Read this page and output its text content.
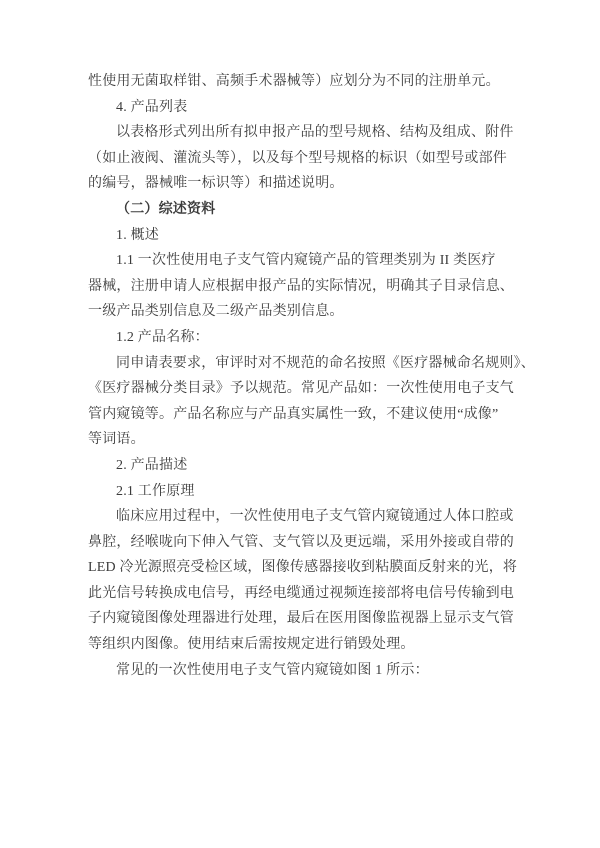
性使用无菌取样钳、高频手术器械等）应划分为不同的注册单元。
4. 产品列表
以表格形式列出所有拟申报产品的型号规格、结构及组成、附件
（如止液阀、灌流头等），以及每个型号规格的标识（如型号或部件
的编号，器械唯一标识等）和描述说明。
（二）综述资料
1. 概述
1.1 一次性使用电子支气管内窥镜产品的管理类别为 II 类医疗
器械，注册申请人应根据申报产品的实际情况，明确其子目录信息、
一级产品类别信息及二级产品类别信息。
1.2 产品名称：
同申请表要求，审评时对不规范的命名按照《医疗器械命名规则》、
《医疗器械分类目录》予以规范。常见产品如：一次性使用电子支气
管内窥镜等。产品名称应与产品真实属性一致，不建议使用“成像”
等词语。
2. 产品描述
2.1 工作原理
临床应用过程中，一次性使用电子支气管内窥镜通过人体口腔或
鼻腔，经喉咙向下伸入气管、支气管以及更远端，采用外接或自带的
LED 冷光源照亮受检区域，图像传感器接收到粘膜面反射来的光，将
此光信号转换成电信号，再经电缆通过视频连接部将电信号传输到电
子内窥镜图像处理器进行处理，最后在医用图像监视器上显示支气管
等组织内图像。使用结束后需按规定进行销毁处理。
常见的一次性使用电子支气管内窥镜如图 1 所示：
